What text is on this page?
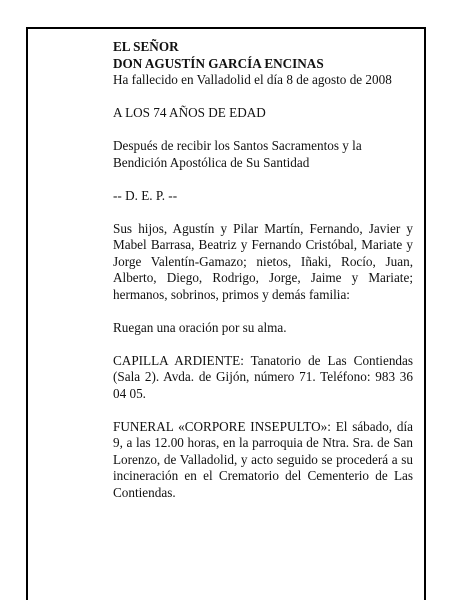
EL SEÑOR

DON AGUSTÍN GARCÍA ENCINAS

Ha fallecido en Valladolid el día 8 de agosto de 2008

A LOS 74 AÑOS DE EDAD

Después de recibir los Santos Sacramentos y la Bendición Apostólica de Su Santidad

-- D. E. P. --

Sus hijos, Agustín y Pilar Martín, Fernando, Javier y Mabel Barrasa, Beatriz y Fernando Cristóbal, Mariate y Jorge Valentín-Gamazo; nietos, Iñaki, Rocío, Juan, Alberto, Diego, Rodrigo, Jorge, Jaime y Mariate; hermanos, sobrinos, primos y demás familia:

Ruegan una oración por su alma.

CAPILLA ARDIENTE: Tanatorio de Las Contiendas (Sala 2). Avda. de Gijón, número 71. Teléfono: 983 36 04 05.

FUNERAL «CORPORE INSEPULTO»: El sábado, día 9, a las 12.00 horas, en la parroquia de Ntra. Sra. de San Lorenzo, de Valladolid, y acto seguido se procederá a su incineración en el Crematorio del Cementerio de Las Contiendas.
